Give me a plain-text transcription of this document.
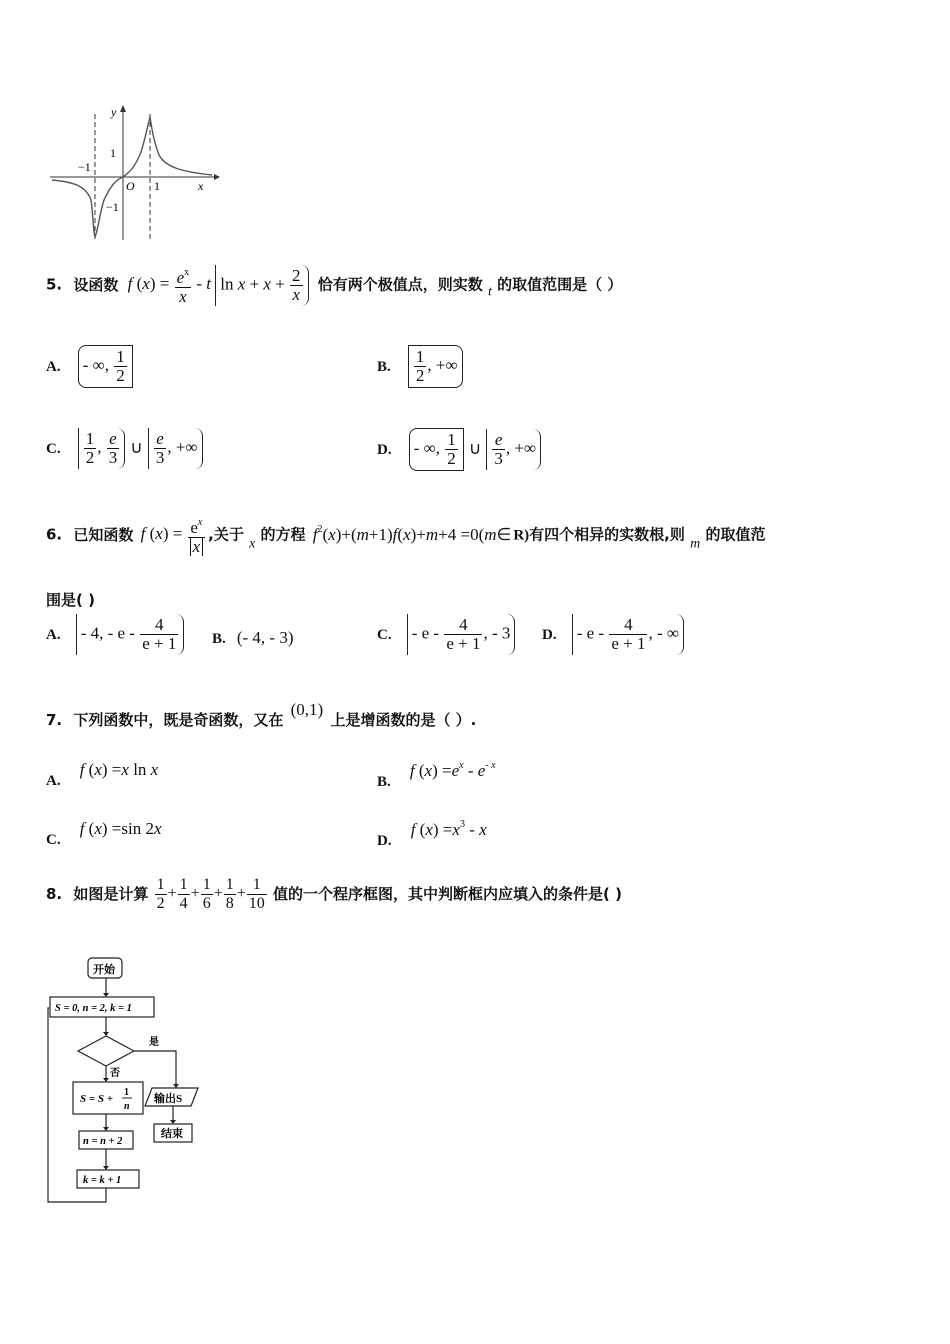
y
x
O
1
−1
−1
1
5. 设函数 f $(x) = \frac{e^x}{x} - t$ $\ln x + x + \frac{2}{x}$ 恰有两个极值点，则实数 t 的取值范围是（ ）
A. - ∞, $\frac{1}{2}$	B. $\frac{1}{2}$ , +∞
C. $\frac{1}{2}$ , $\frac{e}{3}$ ∪ $\frac{e}{3}$ , +∞	D. - ∞, $\frac{1}{2}$ ∪ $\frac{e}{3}$ , +∞
6. 已知函数 f $(x) = \frac{e^x}{x}$ ,关于 x 的方程 $f^2(x)+(m+1)f(x)+m+4$ =0(m∈ R)有四个相异的实数根,则 m 的取值范
围是( )
A. - 4, - e - $\frac{4}{e + 1} B$. (- 4, - 3)	C. - e - $\frac{4}{e + 1}$ , - 3	D. - e - $\frac{4}{e + 1}$ , - ∞
7. 下列函数中，既是奇函数，又在 (0,1) 上是增函数的是（ ）.
A. f (x) =x ln x
B. f $(x) =e^x - e^{- x}$
C. f (x) =sin 2x
D. f $(x) =x^3 - x$
8. 如图是计算 $\frac{1}{2} + \frac{1}{4} + \frac{1}{6} + \frac{1}{8} + \frac{1}{10}$ 值的一个程序框图，其中判断框内应填入的条件是( )
开始
S = 0, n = 2, k = 1
是
否
S = S +
1
n
输出S
结束
n = n + 2
k = k + 1
